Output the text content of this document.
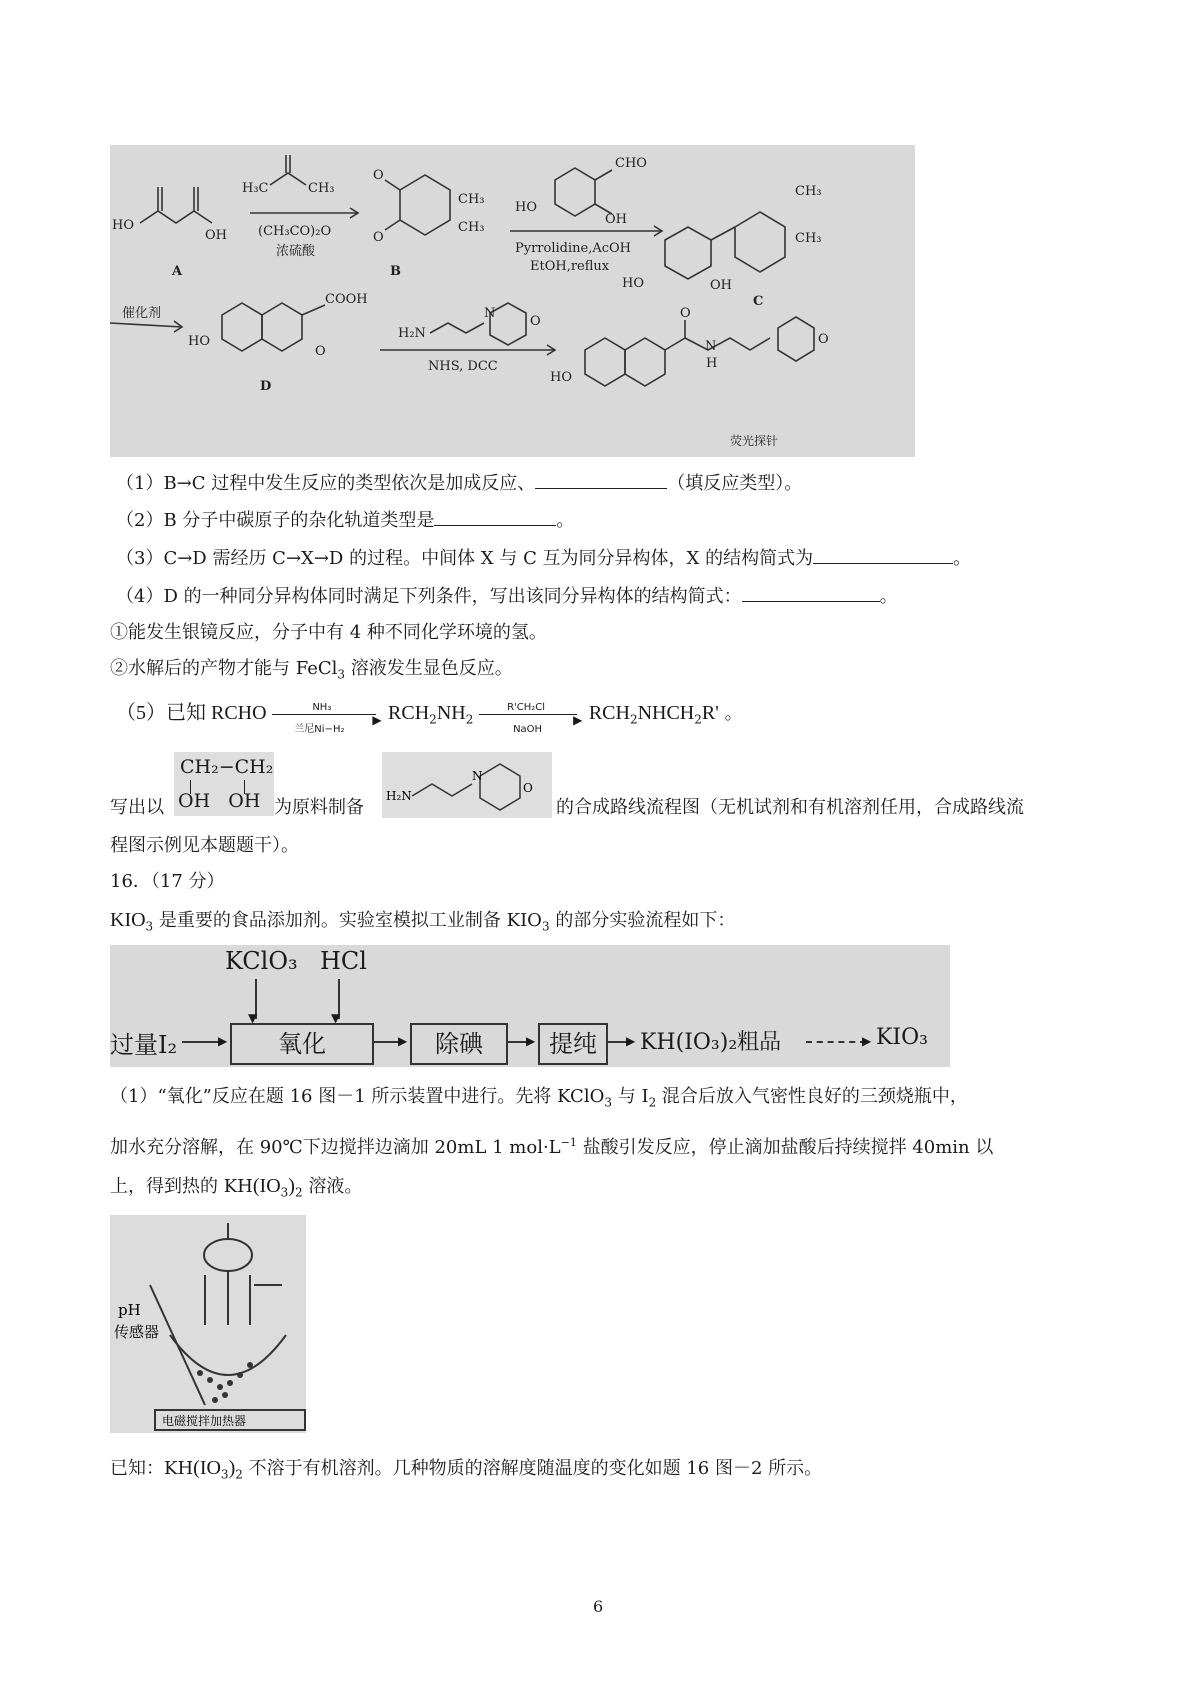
HO
OH
A
H₃C	CH₃
(CH₃CO)₂O
浓硫酸
O
O
CH₃
CH₃
B
CHO
HO
OH
Pyrrolidine,AcOH
EtOH,reflux
CH₃
CH₃
HO	OH
C
催化剂
COOH
HO
O
D
H₂N
N
O
NHS, DCC
HO
O
N
H
O
荧光探针
（1）B→C 过程中发生反应的类型依次是加成反应、	（填反应类型）。
（2）B 分子中碳原子的杂化轨道类型是	。
（3）C→D 需经历 C→X→D 的过程。中间体 X 与 C 互为同分异构体，X 的结构简式为	。
（4）D 的一种同分异构体同时满足下列条件，写出该同分异构体的结构简式：	。
①能发生银镜反应，分子中有 4 种不同化学环境的氢。
②水解后的产物才能与 FeCl$_3$ 溶液发生显色反应。
（5）已知 RCHO	NH₃
▶
兰尼Ni−H₂
$RCH_2NH_2$
R'CH₂Cl
▶
NaOH
$RCH_2NHCH_2R'$ 。
写出以
CH₂−CH₂
OH   OH 为原料制备
H₂N
N
O
的合成路线流程图（无机试剂和有机溶剂任用，合成路线流
程图示例见本题题干）。
16．（17 分）
$KIO_3$ 是重要的食品添加剂。实验室模拟工业制备 $KIO_3$ 的部分实验流程如下：
KClO₃ HCl
▼	▼
过量I₂	▶	氧化	▶	除碘	▶ 提纯	▶ KH(IO₃)₂粗品	▶ KIO₃
（1）“氧化”反应在题 16 图－1 所示装置中进行。先将 KClO$_3$ 与 $I_2$ 混合后放入气密性良好的三颈烧瓶中，
加水充分溶解，在 90℃下边搅拌边滴加 20mL 1 $mol\cdot L^{-1}$ 盐酸引发反应，停止滴加盐酸后持续搅拌 40min 以
上，得到热的 $KH(IO_3)_2$ 溶液。
pH
传感器
电磁搅拌加热器
已知：$KH(IO_3)_2$ 不溶于有机溶剂。几种物质的溶解度随温度的变化如题 16 图－2 所示。
6
